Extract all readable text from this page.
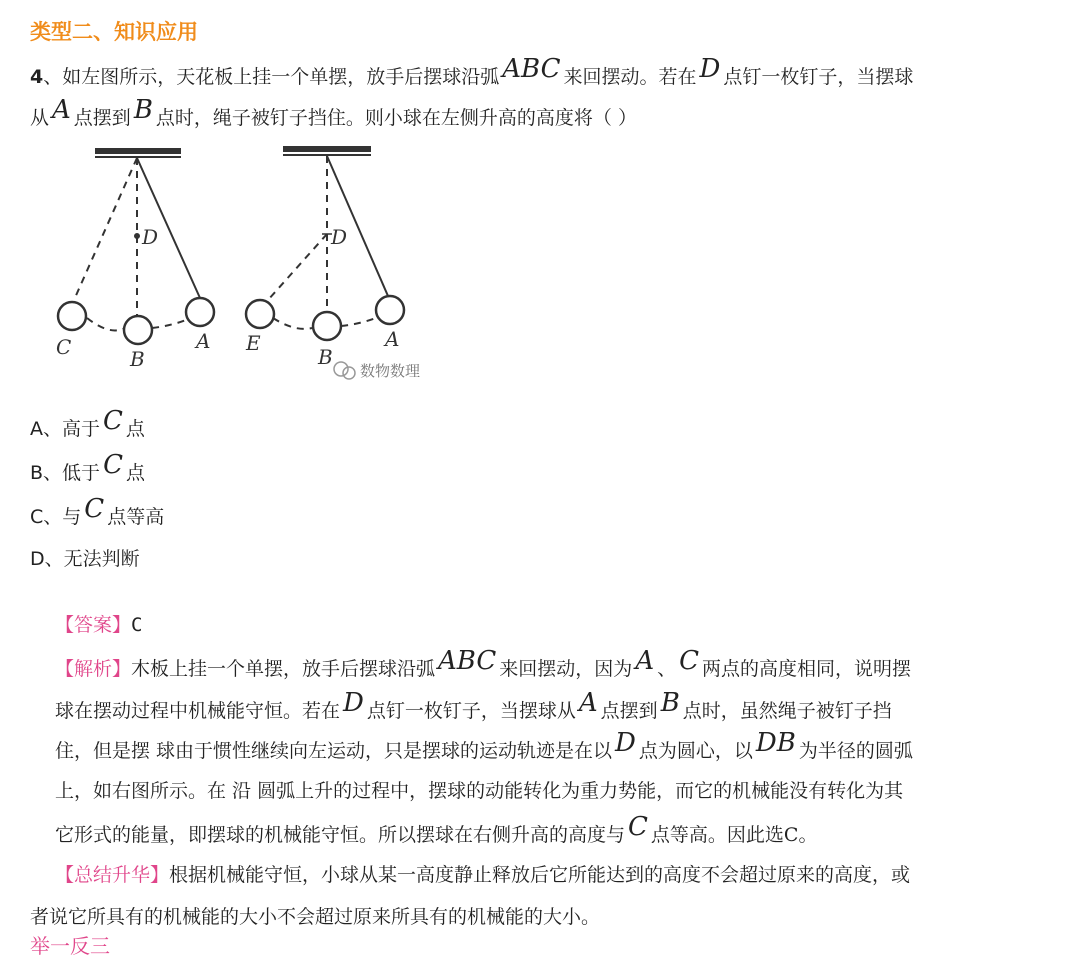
类型二、知识应用
4、如左图所示，天花板上挂一个单摆，放手后摆球沿弧 ABC 来回摆动。若在 D 点钉一枚钉子，当摆球
从 A 点摆到 B 点时，绳子被钉子挡住。则小球在左侧升高的高度将（ ）
D
C	B
A
D
E
B
A
数物数理
A、高于 C 点
B、低于 C 点
C、与 C 点等高
D、无法判断
【答案】C
【解析】木板上挂一个单摆，放手后摆球沿弧 ABC 来回摆动，因为 A 、 C 两点的高度相同，说明摆
球在摆动过程中机械能守恒。若在 D 点钉一枚钉子，当摆球从 A 点摆到 B 点时，虽然绳子被钉子挡
住，但是摆 球由于惯性继续向左运动，只是摆球的运动轨迹是在以 D 点为圆心，以 DB 为半径的圆弧
上，如右图所示。在 沿 圆弧上升的过程中，摆球的动能转化为重力势能，而它的机械能没有转化为其
它形式的能量，即摆球的机械能守恒。所以摆球在右侧升高的高度与 C 点等高。因此选C。
【总结升华】根据机械能守恒，小球从某一高度静止释放后它所能达到的高度不会超过原来的高度，或
者说它所具有的机械能的大小不会超过原来所具有的机械能的大小。
举一反三
